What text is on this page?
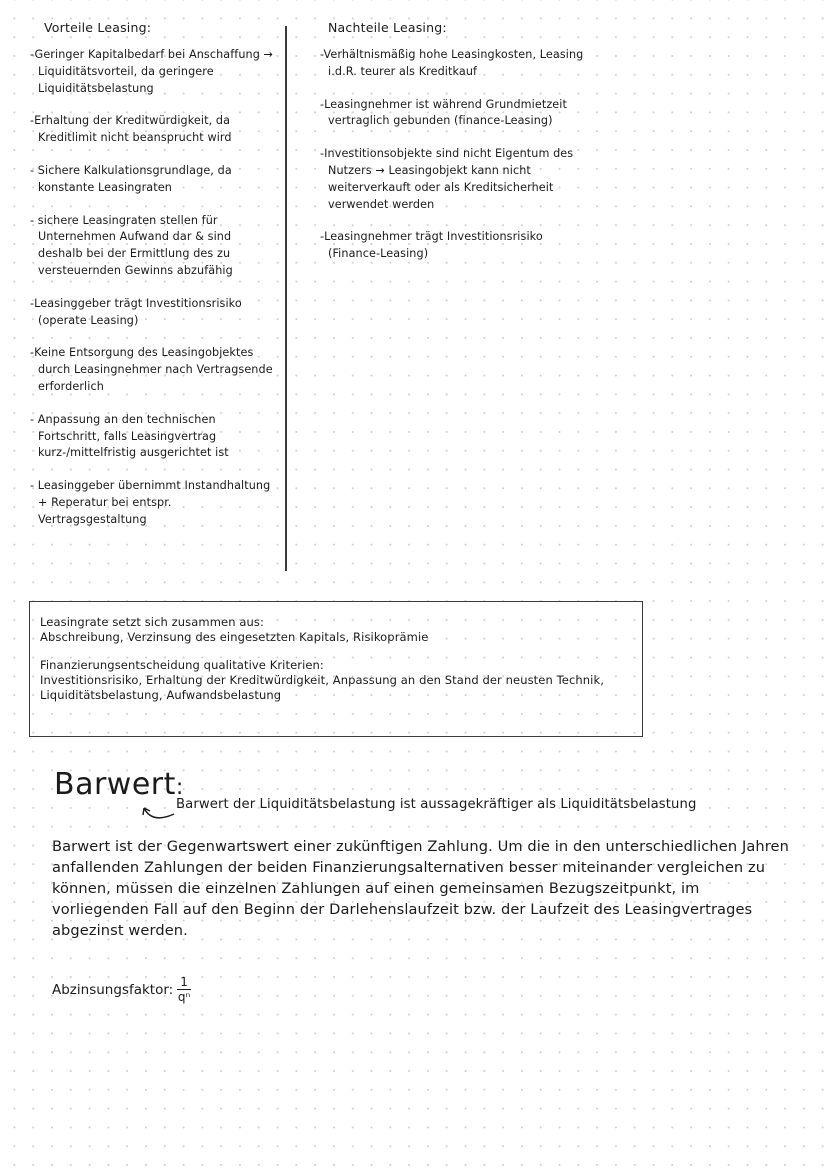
Vorteile Leasing:
-Geringer Kapitalbedarf bei Anschaffung → Liquiditätsvorteil, da geringere Liquiditätsbelastung
-Erhaltung der Kreditwürdigkeit, da Kreditlimit nicht beansprucht wird
- Sichere Kalkulationsgrundlage, da konstante Leasingraten
- sichere Leasingraten stellen für Unternehmen Aufwand dar & sind deshalb bei der Ermittlung des zu versteuernden Gewinns abzufähig
-Leasinggeber trägt Investitionsrisiko (operate Leasing)
-Keine Entsorgung des Leasingobjektes durch Leasingnehmer nach Vertragsende erforderlich
- Anpassung an den technischen Fortschritt, falls Leasingvertrag kurz-/mittelfristig ausgerichtet ist
- Leasinggeber übernimmt Instandhaltung + Reperatur bei entspr. Vertragsgestaltung
Nachteile Leasing:
-Verhältnismäßig hohe Leasingkosten, Leasing i.d.R. teurer als Kreditkauf
-Leasingnehmer ist während Grundmietzeit vertraglich gebunden (finance-Leasing)
-Investitionsobjekte sind nicht Eigentum des Nutzers → Leasingobjekt kann nicht weiterverkauft oder als Kreditsicherheit verwendet werden
-Leasingnehmer trägt Investitionsrisiko (Finance-Leasing)

Leasingrate setzt sich zusammen aus:

Abschreibung, Verzinsung des eingesetzten Kapitals, Risikoprämie

Finanzierungsentscheidung qualitative Kriterien:

Investitionsrisiko, Erhaltung der Kreditwürdigkeit, Anpassung an den Stand der neusten Technik, Liquiditätsbelastung, Aufwandsbelastung

Barwert:
Barwert der Liquiditätsbelastung ist aussagekräftiger als Liquiditätsbelastung
Barwert ist der Gegenwartswert einer zukünftigen Zahlung. Um die in den unterschiedlichen Jahren anfallenden Zahlungen der beiden Finanzierungsalternativen besser miteinander vergleichen zu können, müssen die einzelnen Zahlungen auf einen gemeinsamen Bezugszeitpunkt, im vorliegenden Fall auf den Beginn der Darlehenslaufzeit bzw. der Laufzeit des Leasingvertrages abgezinst werden.
Abzinsungsfaktor: $\frac{1}{\text{qⁿ}}$
